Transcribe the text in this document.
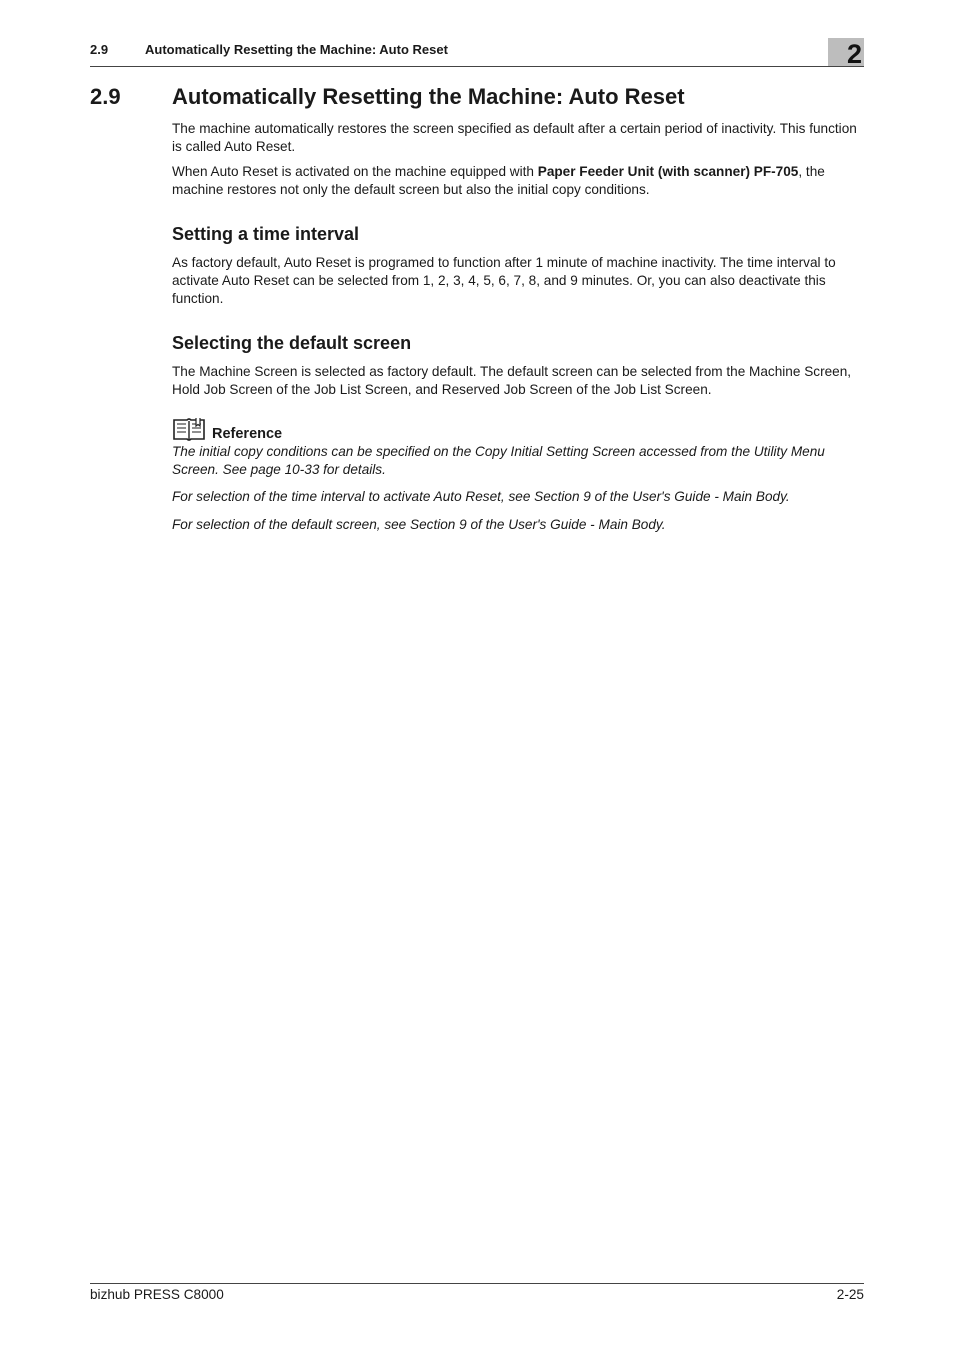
2.9	Automatically Resetting the Machine: Auto Reset	2
2.9 Automatically Resetting the Machine: Auto Reset

The machine automatically restores the screen specified as default after a certain period of inactivity. This function is called Auto Reset.

When Auto Reset is activated on the machine equipped with Paper Feeder Unit (with scanner) PF-705, the machine restores not only the default screen but also the initial copy conditions.

Setting a time interval

As factory default, Auto Reset is programed to function after 1 minute of machine inactivity. The time interval to activate Auto Reset can be selected from 1, 2, 3, 4, 5, 6, 7, 8, and 9 minutes. Or, you can also deactivate this function.

Selecting the default screen

The Machine Screen is selected as factory default. The default screen can be selected from the Machine Screen, Hold Job Screen of the Job List Screen, and Reserved Job Screen of the Job List Screen.

Reference

The initial copy conditions can be specified on the Copy Initial Setting Screen accessed from the Utility Menu Screen. See page 10-33 for details.

For selection of the time interval to activate Auto Reset, see Section 9 of the User's Guide - Main Body.

For selection of the default screen, see Section 9 of the User's Guide - Main Body.

bizhub PRESS C8000	2-25
